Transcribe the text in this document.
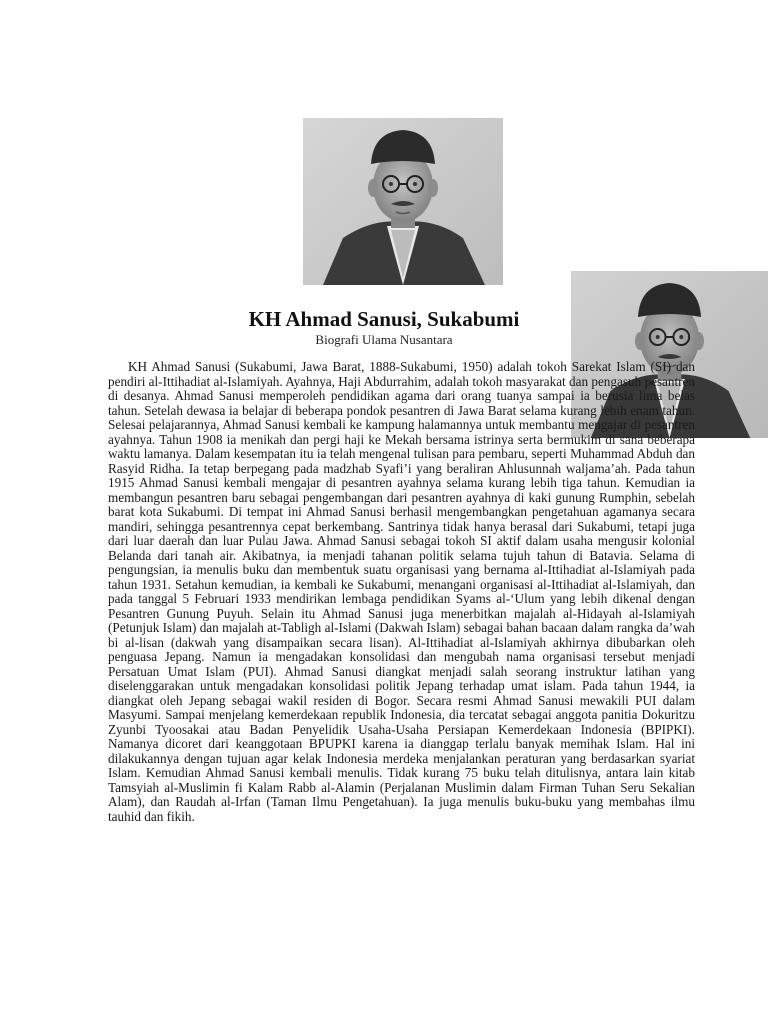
KH Ahmad Sanusi, Sukabumi
Biografi Ulama Nusantara

KH Ahmad Sanusi (Sukabumi, Jawa Barat, 1888-Sukabumi, 1950) adalah tokoh Sarekat Islam (SI) dan pendiri al-Ittihadiat al-Islamiyah. Ayahnya, Haji Abdurrahim, adalah tokoh masyarakat dan pengasuh pesantren di desanya. Ahmad Sanusi memperoleh pendidikan agama dari orang tuanya sampai ia berusia lima belas tahun. Setelah dewasa ia belajar di beberapa pondok pesantren di Jawa Barat selama kurang lebih enam tahun. Selesai pelajarannya, Ahmad Sanusi kembali ke kampung halamannya untuk membantu mengajar di pesantren ayahnya. Tahun 1908 ia menikah dan pergi haji ke Mekah bersama istrinya serta bermukim di sana beberapa waktu lamanya. Dalam kesempatan itu ia telah mengenal tulisan para pembaru, seperti Muhammad Abduh dan Rasyid Ridha. Ia tetap berpegang pada madzhab Syafi’i yang beraliran Ahlusunnah waljama’ah. Pada tahun 1915 Ahmad Sanusi kembali mengajar di pesantren ayahnya selama kurang lebih tiga tahun. Kemudian ia membangun pesantren baru sebagai pengembangan dari pesantren ayahnya di kaki gunung Rumphin, sebelah barat kota Sukabumi. Di tempat ini Ahmad Sanusi berhasil mengembangkan pengetahuan agamanya secara mandiri, sehingga pesantrennya cepat berkembang. Santrinya tidak hanya berasal dari Sukabumi, tetapi juga dari luar daerah dan luar Pulau Jawa. Ahmad Sanusi sebagai tokoh SI aktif dalam usaha mengusir kolonial Belanda dari tanah air. Akibatnya, ia menjadi tahanan politik selama tujuh tahun di Batavia. Selama di pengungsian, ia menulis buku dan membentuk suatu organisasi yang bernama al-Ittihadiat al-Islamiyah pada tahun 1931. Setahun kemudian, ia kembali ke Sukabumi, menangani organisasi al-Ittihadiat al-Islamiyah, dan pada tanggal 5 Februari 1933 mendirikan lembaga pendidikan Syams al-‘Ulum yang lebih dikenal dengan Pesantren Gunung Puyuh. Selain itu Ahmad Sanusi juga menerbitkan majalah al-Hidayah al-Islamiyah (Petunjuk Islam) dan majalah at-Tabligh al-Islami (Dakwah Islam) sebagai bahan bacaan dalam rangka da’wah bi al-lisan (dakwah yang disampaikan secara lisan). Al-Ittihadiat al-Islamiyah akhirnya dibubarkan oleh penguasa Jepang. Namun ia mengadakan konsolidasi dan mengubah nama organisasi tersebut menjadi Persatuan Umat Islam (PUI). Ahmad Sanusi diangkat menjadi salah seorang instruktur latihan yang diselenggarakan untuk mengadakan konsolidasi politik Jepang terhadap umat islam. Pada tahun 1944, ia diangkat oleh Jepang sebagai wakil residen di Bogor. Secara resmi Ahmad Sanusi mewakili PUI dalam Masyumi. Sampai menjelang kemerdekaan republik Indonesia, dia tercatat sebagai anggota panitia Dokuritzu Zyunbi Tyoosakai atau Badan Penyelidik Usaha-Usaha Persiapan Kemerdekaan Indonesia (BPIPKI). Namanya dicoret dari keanggotaan BPUPKI karena ia dianggap terlalu banyak memihak Islam. Hal ini dilakukannya dengan tujuan agar kelak Indonesia merdeka menjalankan peraturan yang berdasarkan syariat Islam. Kemudian Ahmad Sanusi kembali menulis. Tidak kurang 75 buku telah ditulisnya, antara lain kitab Tamsyiah al-Muslimin fi Kalam Rabb al-Alamin (Perjalanan Muslimin dalam Firman Tuhan Seru Sekalian Alam), dan Raudah al-Irfan (Taman Ilmu Pengetahuan). Ia juga menulis buku-buku yang membahas ilmu tauhid dan fikih.
